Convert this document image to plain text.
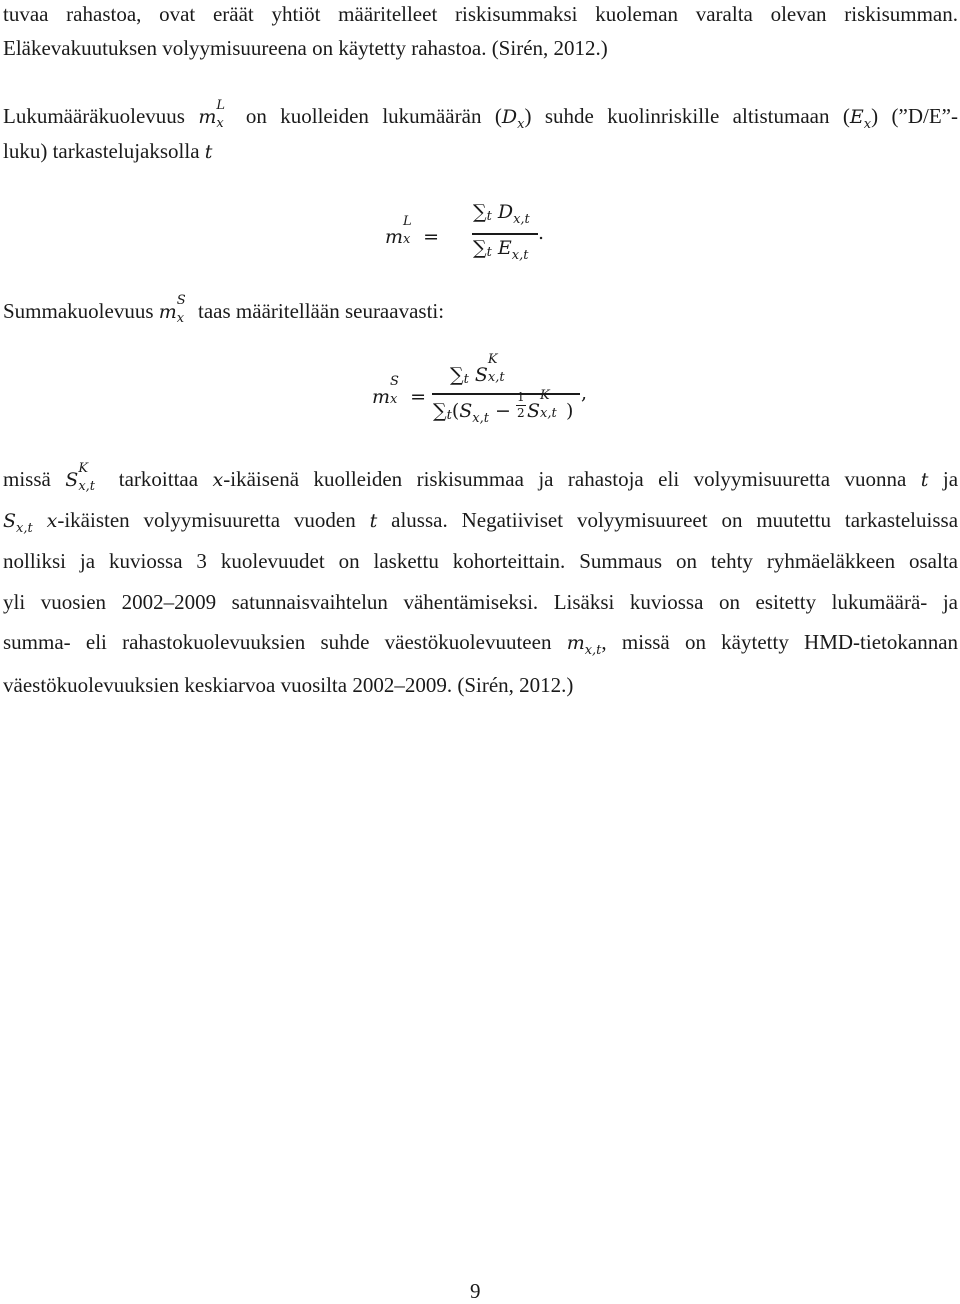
tuvaa rahastoa, ovat eräät yhtiöt määritelleet riskisummaksi kuoleman varalta olevan riskisumman.
Eläkevakuutuksen volyymisuureena on käytetty rahastoa. (Sirén, 2012.)
Lukumääräkuolevuus m
L
x on kuolleiden lukumäärän $(D_x)$ suhde kuolinriskille altistumaan $(E_x)$ (”D/E”-
luku) tarkastelujaksolla t
m
L
x =
∑t $D_{x,t}$
∑t $E_{x,t}$
.
Summakuolevuus m
S
x taas määritellään seuraavasti:
m
S
x =
∑t S
K
x,t
$\sum t(S_{x,t} - \frac{1}{2}$ S
K
x,t )
,
missä S
K
x,t tarkoittaa x-ikäisenä kuolleiden riskisummaa ja rahastoja eli volyymisuuretta vuonna t ja
$S_{x,t}$ x-ikäisten volyymisuuretta vuoden t alussa. Negatiiviset volyymisuureet on muutettu tarkasteluissa
nolliksi ja kuviossa 3 kuolevuudet on laskettu kohorteittain. Summaus on tehty ryhmäeläkkeen osalta
yli vuosien 2002–2009 satunnaisvaihtelun vähentämiseksi. Lisäksi kuviossa on esitetty lukumäärä- ja
summa- eli rahastokuolevuuksien suhde väestökuolevuuteen $m_{x,t}$, missä on käytetty HMD-tietokannan
väestökuolevuuksien keskiarvoa vuosilta 2002–2009. (Sirén, 2012.)
9
